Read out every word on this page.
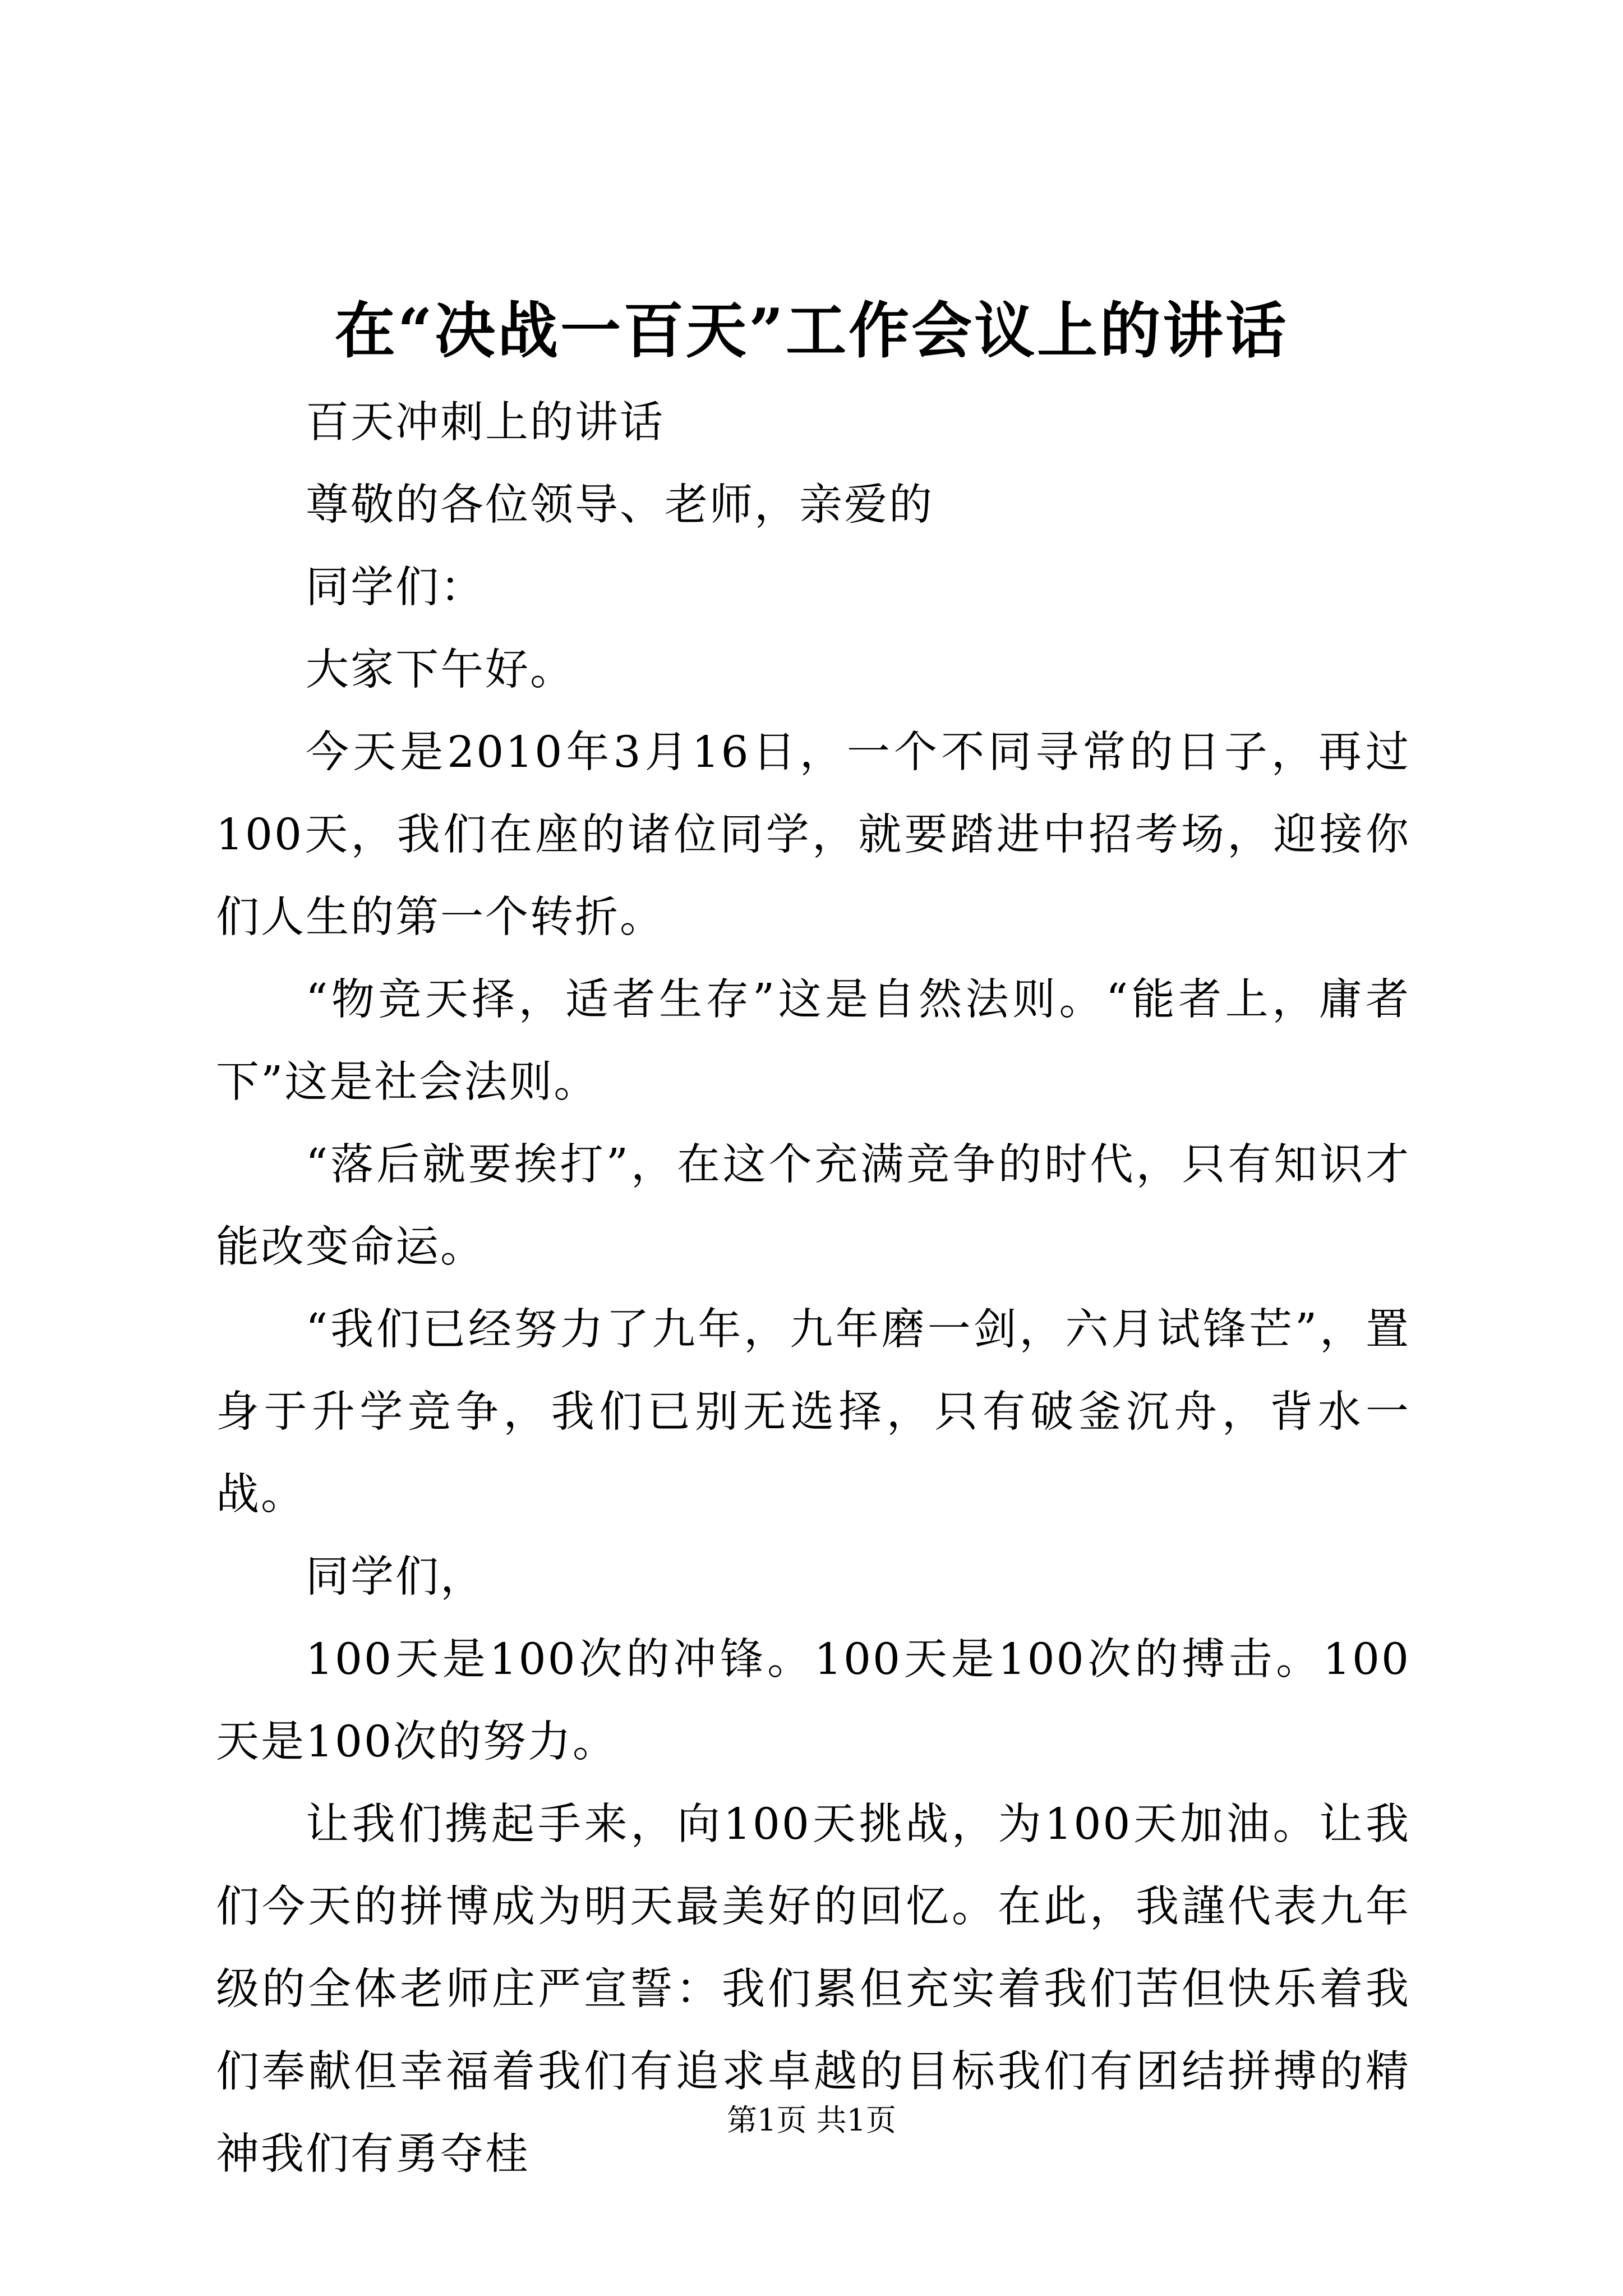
在“决战一百天”工作会议上的讲话

百天冲刺上的讲话

尊敬的各位领导、老师，亲爱的

同学们：

大家下午好。

今天是2010年3月16日，一个不同寻常的日子，再过100天，我们在座的诸位同学，就要踏进中招考场，迎接你们人生的第一个转折。

“物竞天择，适者生存”这是自然法则。“能者上，庸者下”这是社会法则。

“落后就要挨打”，在这个充满竞争的时代，只有知识才能改变命运。

“我们已经努力了九年，九年磨一剑，六月试锋芒”，置身于升学竞争，我们已别无选择，只有破釜沉舟，背水一战。

同学们，

100天是100次的冲锋。100天是100次的搏击。100天是100次的努力。

让我们携起手来，向100天挑战，为100天加油。让我们今天的拼博成为明天最美好的回忆。在此，我謹代表九年级的全体老师庄严宣誓：我们累但充实着我们苦但快乐着我们奉献但幸福着我们有追求卓越的目标我们有团结拼搏的精神我们有勇夺桂

第1页 共1页
